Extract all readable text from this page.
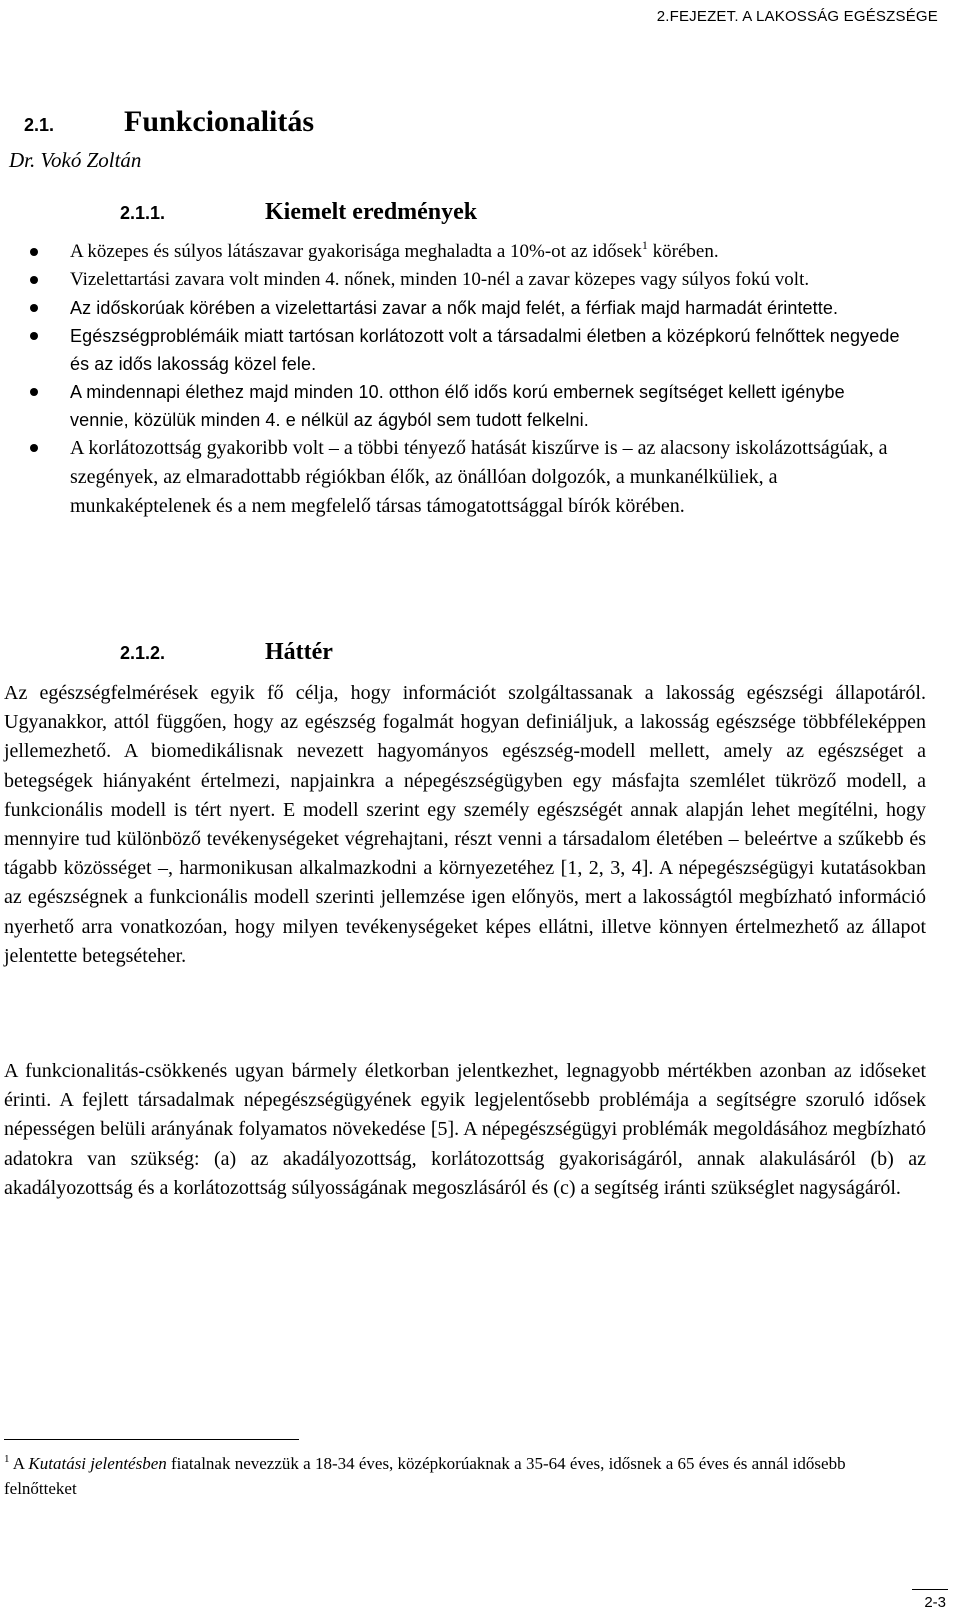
2.FEJEZET. A LAKOSSÁG EGÉSZSÉGE
2.1. Funkcionalitás
Dr. Vokó Zoltán
2.1.1.	Kiemelt eredmények
A közepes és súlyos látászavar gyakorisága meghaladta a 10%-ot az idősek$^1$ körében.
Vizelettartási zavara volt minden 4. nőnek, minden 10-nél a zavar közepes vagy súlyos fokú volt.
Az időskorúak körében a vizelettartási zavar a nők majd felét, a férfiak majd harmadát érintette.
Egészségproblémáik miatt tartósan korlátozott volt a társadalmi életben a középkorú felnőttek negyede és az idős lakosság közel fele.
A mindennapi élethez majd minden 10. otthon élő idős korú embernek segítséget kellett igénybe vennie, közülük minden 4. e nélkül az ágyból sem tudott felkelni.
A korlátozottság gyakoribb volt – a többi tényező hatását kiszűrve is – az alacsony iskolázottságúak, a szegények, az elmaradottabb régiókban élők, az önállóan dolgozók, a munkanélküliek, a munkaképtelenek és a nem megfelelő társas támogatottsággal bírók körében.
2.1.2.	Háttér

Az egészségfelmérések egyik fő célja, hogy információt szolgáltassanak a lakosság egészségi állapotáról. Ugyanakkor, attól függően, hogy az egészség fogalmát hogyan definiáljuk, a lakosság egészsége többféleképpen jellemezhető. A biomedikálisnak nevezett hagyományos egészség-modell mellett, amely az egészséget a betegségek hiányaként értelmezi, napjainkra a népegészségügyben egy másfajta szemlélet tükröző modell, a funkcionális modell is tért nyert. E modell szerint egy személy egészségét annak alapján lehet megítélni, hogy mennyire tud különböző tevékenységeket végrehajtani, részt venni a társadalom életében – beleértve a szűkebb és tágabb közösséget –, harmonikusan alkalmazkodni a környezetéhez [1, 2, 3, 4]. A népegészségügyi kutatásokban az egészségnek a funkcionális modell szerinti jellemzése igen előnyös, mert a lakosságtól megbízható információ nyerhető arra vonatkozóan, hogy milyen tevékenységeket képes ellátni, illetve könnyen értelmezhető az állapot jelentette betegséteher.

A funkcionalitás-csökkenés ugyan bármely életkorban jelentkezhet, legnagyobb mértékben azonban az időseket érinti. A fejlett társadalmak népegészségügyének egyik legjelentősebb problémája a segítségre szoruló idősek népességen belüli arányának folyamatos növekedése [5]. A népegészségügyi problémák megoldásához megbízható adatokra van szükség: (a) az akadályozottság, korlátozottság gyakoriságáról, annak alakulásáról (b) az akadályozottság és a korlátozottság súlyosságának megoszlásáról és (c) a segítség iránti szükséglet nagyságáról.

$^1$ A Kutatási jelentésben fiatalnak nevezzük a 18-34 éves, középkorúaknak a 35-64 éves, idősnek a 65 éves és annál idősebb felnőtteket
2-3
